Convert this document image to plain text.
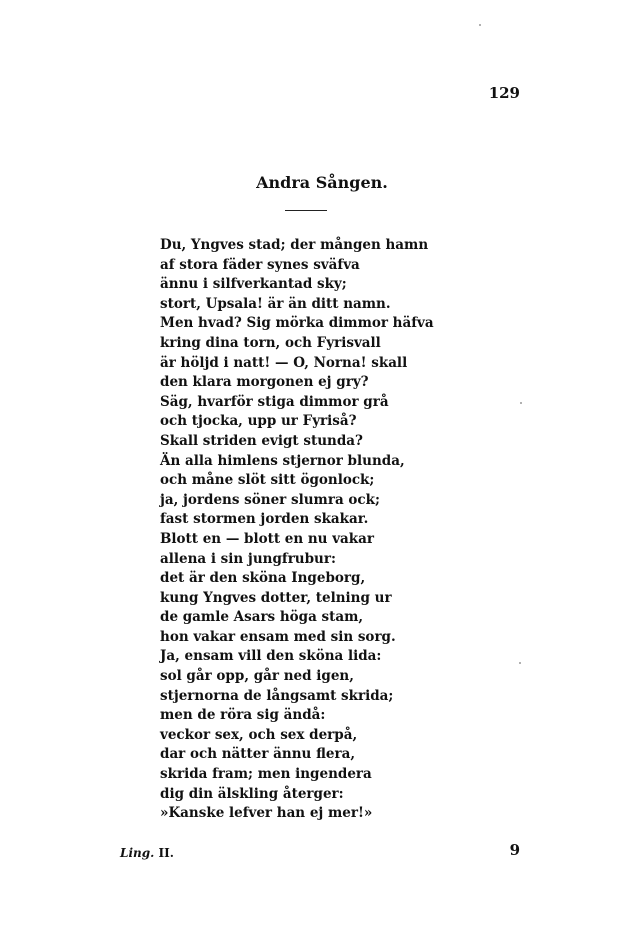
129
Andra Sången.
Du, Yngves stad; der mången hamn
af stora fäder synes sväfva
ännu i silfverkantad sky;
stort, Upsala! är än ditt namn.
Men hvad? Sig mörka dimmor häfva
kring dina torn, och Fyrisvall
är höljd i natt! — O, Norna! skall
den klara morgonen ej gry?
Säg, hvarför stiga dimmor grå
och tjocka, upp ur Fyriså?
Skall striden evigt stunda?
Än alla himlens stjernor blunda,
och måne slöt sitt ögonlock;
ja, jordens söner slumra ock;
fast stormen jorden skakar.
Blott en — blott en nu vakar
allena i sin jungfrubur:
det är den sköna Ingeborg,
kung Yngves dotter, telning ur
de gamle Asars höga stam,
hon vakar ensam med sin sorg.
Ja, ensam vill den sköna lida:
sol går opp, går ned igen,
stjernorna de långsamt skrida;
men de röra sig ändå:
veckor sex, och sex derpå,
dar och nätter ännu flera,
skrida fram; men ingendera
dig din älskling återger:
»Kanske lefver han ej mer!»
Ling. II.	9
